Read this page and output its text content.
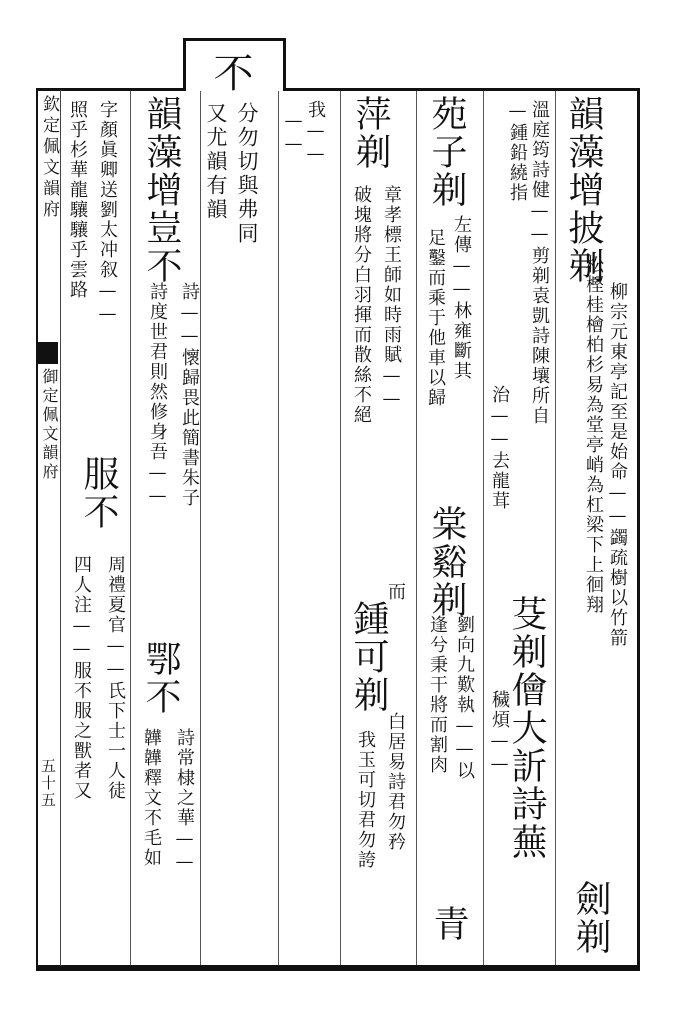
欽定佩文韻府
御定佩文韻府
五十五
不
韻藻增披剃
柳宗元東亭記至是始命——蠲疏樹以竹箭
松樫桂檜柏杉易為堂亭峭為杠梁下上徊翔
劍剃
溫庭筠詩健——剪剃袁凱詩陳壤所自
—鍾鉛繞指
治——去龍茸
芟剃儈大訢詩蕪
穢煩——
苑子剃
左傳——林雍斷其
足鑿而乘于他車以歸
棠谿剃
劉向九歎執——以
逢兮秉干將而割肉
青
萍剃
章孝標王師如時雨賦——
破塊將分白羽揮而散絲不絕
而
鍾可剃
白居易詩君勿矜
我玉可切君勿誇
我——
——
分勿切與弗同
又尤韻有韻
韻藻增豈不
詩——懷歸畏此簡書朱子
詩度世君則然修身吾——
鄂不
詩常棣之華——
韡韡釋文不毛如
字顏眞卿送劉太冲叙——
照乎杉華龍驤驤乎雲路
服不
周禮夏官——氏下士一人徒
四人注——服不服之獸者又
